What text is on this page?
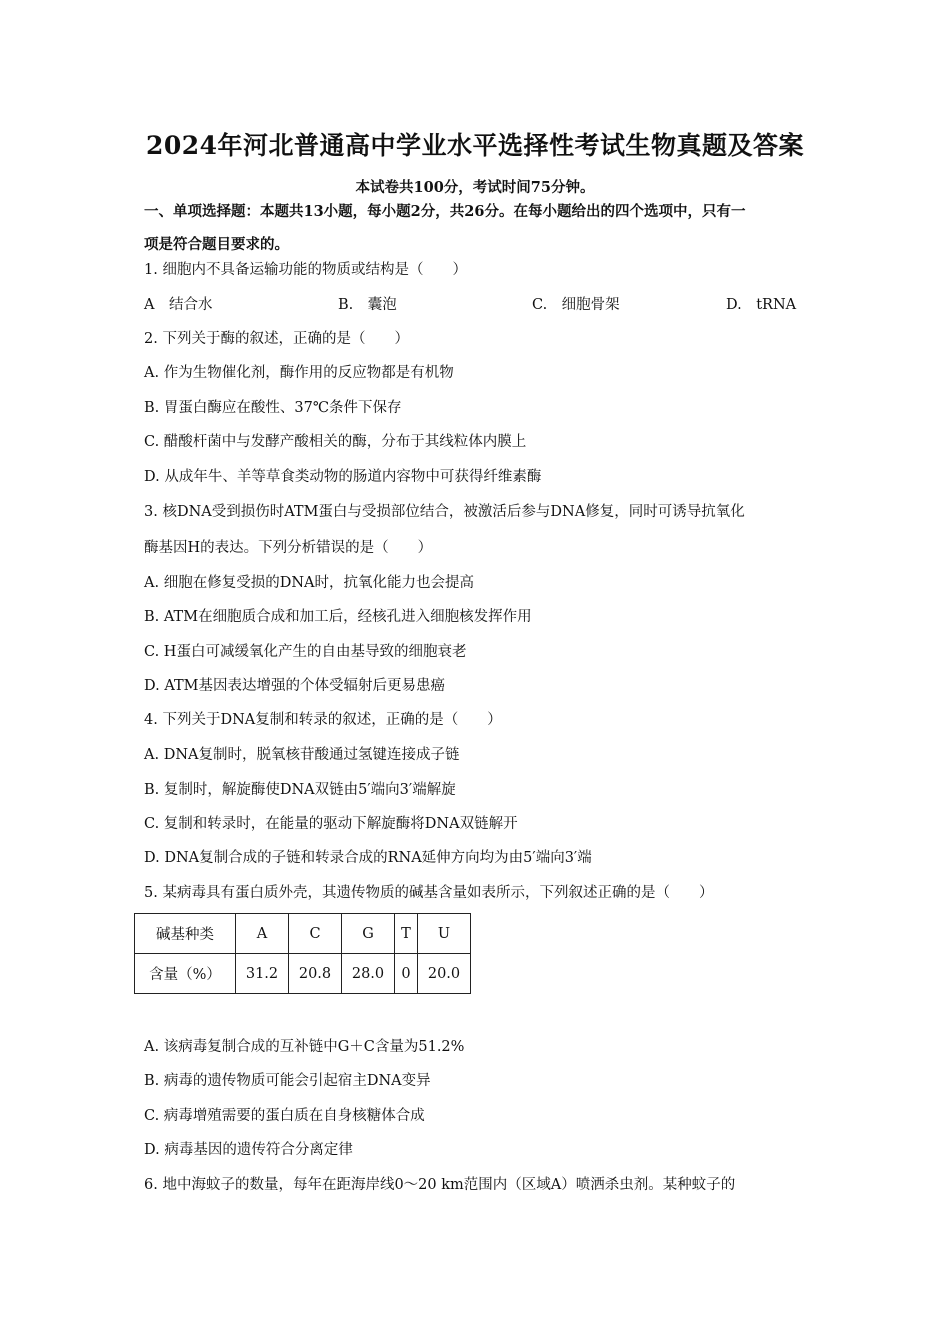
2024年河北普通高中学业水平选择性考试生物真题及答案
本试卷共100分，考试时间75分钟。
一、单项选择题：本题共13小题，每小题2分，共26分。在每小题给出的四个选项中，只有一
项是符合题目要求的。
1. 细胞内不具备运输功能的物质或结构是（　　）
A　结合水	B.　囊泡	C.　细胞骨架	D.　tRNA
2. 下列关于酶的叙述，正确的是（　　）
A. 作为生物催化剂，酶作用的反应物都是有机物
B. 胃蛋白酶应在酸性、37℃条件下保存
C. 醋酸杆菌中与发酵产酸相关的酶，分布于其线粒体内膜上
D. 从成年牛、羊等草食类动物的肠道内容物中可获得纤维素酶
3. 核DNA受到损伤时ATM蛋白与受损部位结合，被激活后参与DNA修复，同时可诱导抗氧化
酶基因H的表达。下列分析错误的是（　　）
A. 细胞在修复受损的DNA时，抗氧化能力也会提高
B. ATM在细胞质合成和加工后，经核孔进入细胞核发挥作用
C. H蛋白可减缓氧化产生的自由基导致的细胞衰老
D. ATM基因表达增强的个体受辐射后更易患癌
4. 下列关于DNA复制和转录的叙述，正确的是（　　）
A. DNA复制时，脱氧核苷酸通过氢键连接成子链
B. 复制时，解旋酶使DNA双链由5′端向3′端解旋
C. 复制和转录时，在能量的驱动下解旋酶将DNA双链解开
D. DNA复制合成的子链和转录合成的RNA延伸方向均为由5′端向3′端
5. 某病毒具有蛋白质外壳，其遗传物质的碱基含量如表所示，下列叙述正确的是（　　）
碱基种类	A	C	G	T	U
含量（%）	31.2	20.8	28.0	0	20.0
A. 该病毒复制合成的互补链中G＋C含量为51.2%
B. 病毒的遗传物质可能会引起宿主DNA变异
C. 病毒增殖需要的蛋白质在自身核糖体合成
D. 病毒基因的遗传符合分离定律
6. 地中海蚊子的数量，每年在距海岸线0～20 km范围内（区域A）喷洒杀虫剂。某种蚊子的
